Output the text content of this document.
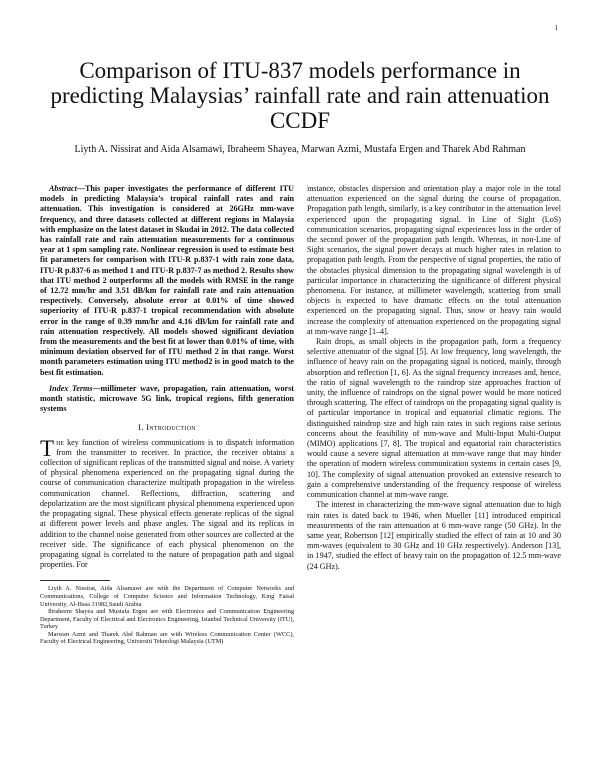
1
Comparison of ITU-837 models performance in predicting Malaysias’ rainfall rate and rain attenuation CCDF
Liyth A. Nissirat and Aida Alsamawi, Ibraheem Shayea, Marwan Azmi, Mustafa Ergen and Tharek Abd Rahman

Abstract—This paper investigates the performance of different ITU models in predicting Malaysia’s tropical rainfall rates and rain attenuation. This investigation is considered at 26GHz mm-wave frequency, and three datasets collected at different regions in Malaysia with emphasize on the latest dataset in Skudai in 2012. The data collected has rainfall rate and rain attenuation measurements for a continuous year at 1 spm sampling rate. Nonlinear regression is used to estimate best fit parameters for comparison with ITU-R p.837-1 with rain zone data, ITU-R p.837-6 as method 1 and ITU-R p.837-7 as method 2. Results show that ITU method 2 outperforms all the models with RMSE in the range of 12.72 mm/hr and 3.51 dB/km for rainfall rate and rain attenuation respectively. Conversely, absolute error at 0.01% of time showed superiority of ITU-R p.837-1 tropical recommendation with absolute error in the range of 0.39 mm/hr and 4.16 dB/km for rainfall rate and rain attenuation respectively. All models showed significant deviation from the measurements and the best fit at lower than 0.01% of time, with minimum deviation observed for of ITU method 2 in that range. Worst month parameters estimation using ITU method2 is in good match to the best fit estimation.

Index Terms—millimeter wave, propagation, rain attenuation, worst month statistic, microwave 5G link, tropical regions, fifth generation systems

I. Introduction

The key function of wireless communications is to dispatch information from the transmitter to receiver. In practice, the receiver obtains a collection of significant replicas of the transmitted signal and noise. A variety of physical phenomena experienced on the propagating signal during the course of communication characterize multipath propagation in the wireless communication channel. Reflections, diffraction, scattering and depolarization are the most significant physical phenomena experienced upon the propagating signal. These physical effects generate replicas of the signal at different power levels and phase angles. The signal and its replicas in addition to the channel noise generated from other sources are collected at the receiver side. The significance of each physical phenomenon on the propagating signal is correlated to the nature of propagation path and signal properties. For

Liyth A. Nissirat, Aida Alsamawi are with the Department of Computer Networks and Communications, College of Computer Science and Information Technology, King Faisal University, Al-Hasa 31982,Saudi Arabia

Ibraheem Shayea and Mustafa Ergen are with Electronics and Communication Engineering Department, Faculty of Electrical and Electronics Engineering, Istanbul Technical University (ITU), Turkey

Marwan Azmi and Tharek Abd Rahman are with Wireless Communication Center (WCC), Faculty of Electrical Engineering, Universiti Teknologi Malaysia (UTM)

instance, obstacles dispersion and orientation play a major role in the total attenuation experienced on the signal during the course of propagation. Propagation path length, similarly, is a key contributor in the attenuation level experienced upon the propagating signal. In Line of Sight (LoS) communication scenarios, propagating signal experiences loss in the order of the second power of the propagation path length. Whereas, in non-Line of Sight scenarios, the signal power decays at much higher rates in relation to propagation path length. From the perspective of signal properties, the ratio of the obstacles physical dimension to the propagating signal wavelength is of particular importance in characterizing the significance of different physical phenomena. For instance, at millimeter wavelength, scattering from small objects is expected to have dramatic effects on the total attenuation experienced on the propagating signal. Thus, snow or heavy rain would increase the complexity of attenuation experienced on the propagating signal at mm-wave range [1–4].

Rain drops, as small objects in the propagation path, form a frequency selective attenuator of the signal [5]. At low frequency, long wavelength, the influence of heavy rain on the propagating signal is noticed, mainly, through absorption and reflection [1, 6]. As the signal frequency increases and, hence, the ratio of signal wavelength to the raindrop size approaches fraction of unity, the influence of raindrops on the signal power would be more noticed through scattering. The effect of raindrops on the propagating signal quality is of particular importance in tropical and equatorial climatic regions. The distinguished raindrop size and high rain rates in such regions raise serious concerns about the feasibility of mm-wave and Multi-Input Multi-Output (MIMO) applications [7, 8]. The tropical and equatorial rain characteristics would cause a severe signal attenuation at mm-wave range that may hinder the operation of modern wireless communication systems in certain cases [9, 10]. The complexity of signal attenuation provoked an extensive research to gain a comprehensive understanding of the frequency response of wireless communication channel at mm-wave range.

The interest in characterizing the mm-wave signal attenuation due to high rain rates is dated back to 1946, when Mueller [11] introduced empirical measurements of the rain attenuation at 6 mm-wave range (50 GHz). In the same year, Robertson [12] empirically studied the effect of rain at 10 and 30 mm-waves (equivalent to 30 GHz and 10 GHz respectively). Anderson [13], in 1947, studied the effect of heavy rain on the propagation of 12.5 mm-wave (24 GHz).
